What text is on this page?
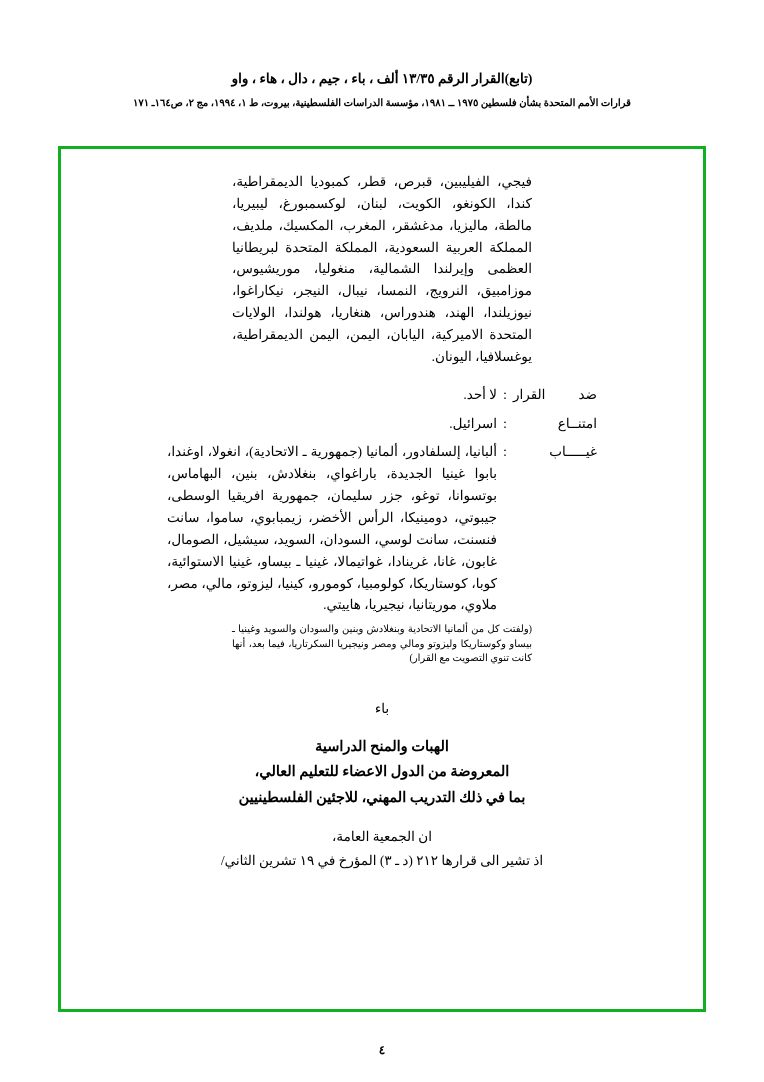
(تابع)القرار الرقم ١٣/٣٥ ألف ، باء ، جيم ، دال ، هاء ، واو
قرارات الأمم المتحدة بشأن فلسطين ١٩٧٥ ــ ١٩٨١، مؤسسة الدراسات الفلسطينية، بيروت، ط ١، ١٩٩٤، مج ٢، ص١٦٤ـ ١٧١
فيجي، الفيليبين، قبرص، قطر، كمبوديا الديمقراطية، كندا، الكونغو، الكويت، لبنان، لوكسمبورغ، ليبيريا، مالطة، ماليزيا، مدغشقر، المغرب، المكسيك، ملديف، المملكة العربية السعودية، المملكة المتحدة لبريطانيا العظمى وإيرلندا الشمالية، منغوليا، موريشيوس، موزامبيق، النرويج، النمسا، نيبال، النيجر، نيكاراغوا، نيوزيلندا، الهند، هندوراس، هنغاريا، هولندا، الولايات المتحدة الاميركية، اليابان، اليمن، اليمن الديمقراطية، يوغسلافيا، اليونان.
ضد القرار
:
لا أحد.
امتنــاع
:
اسرائيل.
غيـــــاب
:
ألبانيا، إلسلفادور، ألمانيا (جمهورية ـ الاتحادية)، انغولا، اوغندا، بابوا غينيا الجديدة، باراغواي، بنغلادش، بنين، البهاماس، بوتسوانا، توغو، جزر سليمان، جمهورية افريقيا الوسطى، جيبوتي، دومينيكا، الرأس الأخضر، زيمبابوي، ساموا، سانت فنسنت، سانت لوسي، السودان، السويد، سيشيل، الصومال، غابون، غانا، غرينادا، غواتيمالا، غينيا ـ بيساو، غينيا الاستوائية، كوبا، كوستاريكا، كولومبيا، كومورو، كينيا، ليزوتو، مالي، مصر، ملاوي، موريتانيا، نيجيريا، هاييتي.
(ولفتت كل من ألمانيا الاتحادية وبنغلادش وبنين والسودان والسويد وغينيا ـ بيساو وكوستاريكا وليزوتو ومالي ومصر ونيجيريا السكرتاريا، فيما بعد، أنها كانت تنوي التصويت مع القرار)
باء
الهبات والمنح الدراسية
المعروضة من الدول الاعضاء للتعليم العالي،
بما في ذلك التدريب المهني، للاجئين الفلسطينيين
ان الجمعية العامة،
اذ تشير الى قرارها ٢١٢ (د ـ ٣) المؤرخ في ١٩ تشرين الثاني/
٤
